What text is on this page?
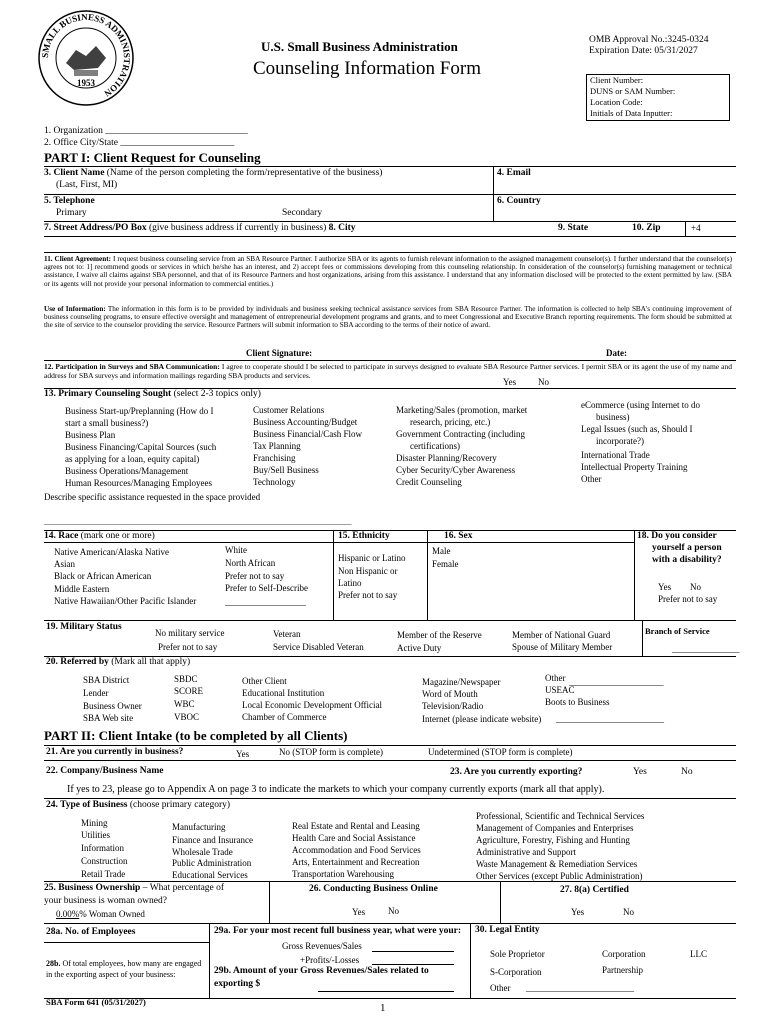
SMALL BUSINESS ADMINISTRATION
1953
U.S. Small Business Administration
Counseling Information Form
OMB Approval No.:3245-0324
Expiration Date: 05/31/2027
Client Number:
DUNS or SAM Number:
Location Code:
Initials of Data Inputter:
1. Organization ______________________________
2. Office City/State ________________________
PART I: Client Request for Counseling
3. Client Name (Name of the person completing the form/representative of the business)
(Last, First, MI)
4. Email
5. Telephone
Primary	Secondary
6. Country
7. Street Address/PO Box (give business address if currently in business) 8. City	9. State	10. Zip	+4
11. Client Agreement: I request business counseling service from an SBA Resource Partner. I authorize SBA or its agents to furnish relevant information to the assigned management counselor(s). I further understand that the counselor(s) agrees not to: 1] recommend goods or services in which he/she has an interest, and 2) accept fees or commissions developing from this counseling relationship. In consideration of the counselor(s) furnishing management or technical assistance, I waive all claims against SBA personnel, and that of its Resource Partners and host organizations, arising from this assistance. I understand that any information disclosed will be protected to the extent permitted by law. (SBA or its agents will not provide your personal information to commercial entities.)
Use of Information: The information in this form is to be provided by individuals and business seeking technical assistance services from SBA Resource Partner. The information is collected to help SBA's continuing improvement of business counseling programs, to ensure effective oversight and management of entrepreneurial development programs and grants, and to meet Congressional and Executive Branch reporting requirements. The form should be submitted at the site of service to the counselor providing the service. Resource Partners will submit information to SBA according to the terms of their notice of award.
Client Signature:	Date:
12. Participation in Surveys and SBA Communication: I agree to cooperate should I be selected to participate in surveys designed to evaluate SBA Resource Partner services. I permit SBA or its agent the use of my name and address for SBA surveys and information mailings regarding SBA products and services.
Yes No
13. Primary Counseling Sought (select 2-3 topics only)
Business Start-up/Preplanning (How do I
start a small business?)
Business Plan
Business Financing/Capital Sources (such
as applying for a loan, equity capital)
Business Operations/Management
Human Resources/Managing Employees
Customer Relations
Business Accounting/Budget
Business Financial/Cash Flow
Tax Planning
Franchising
Buy/Sell Business
Technology
Marketing/Sales (promotion, market
research, pricing, etc.)
Government Contracting (including
certifications)
Disaster Planning/Recovery
Cyber Security/Cyber Awareness
Credit Counseling
eCommerce (using Internet to do
business)
Legal Issues (such as, Should I
incorporate?)
International Trade
Intellectual Property Training
Other
Describe specific assistance requested in the space provided
________________________________________________________________________________________________
14. Race (mark one or more)
Native American/Alaska Native
Asian
Black or African American
Middle Eastern
Native Hawaiian/Other Pacific Islander
White
North African
Prefer not to say
Prefer to Self-Describe
__________________
15. Ethnicity
Hispanic or Latino
Non Hispanic or
Latino
Prefer not to say
16. Sex
Male
Female
18. Do you consider
yourself a person
with a disability?
Yes No
Prefer not to say
19. Military Status
No military service
Prefer not to say
Veteran
Service Disabled Veteran
Member of the Reserve
Active Duty
Member of National Guard
Spouse of Military Member
Branch of Service
_______________
20. Referred by (Mark all that apply)
SBA District
Lender
Business Owner
SBA Web site
SBDC
SCORE
WBC
VBOC
Other Client
Educational Institution
Local Economic Development Official
Chamber of Commerce
Magazine/Newspaper
Word of Mouth
Television/Radio
Internet (please indicate website) ________________________
Other _____________________
USEAC
Boots to Business
PART II: Client Intake (to be completed by all Clients)
21. Are you currently in business?	Yes	No (STOP form is complete)	Undetermined (STOP form is complete)
22. Company/Business Name	23. Are you currently exporting?	Yes	No
If yes to 23, please go to Appendix A on page 3 to indicate the markets to which your company currently exports (mark all that apply).
24. Type of Business (choose primary category)
Mining
Utilities
Information
Construction
Retail Trade
Manufacturing
Finance and Insurance
Wholesale Trade
Public Administration
Educational Services
Real Estate and Rental and Leasing
Health Care and Social Assistance
Accommodation and Food Services
Arts, Entertainment and Recreation
Transportation Warehousing
Professional, Scientific and Technical Services
Management of Companies and Enterprises
Agriculture, Forestry, Fishing and Hunting
Administrative and Support
Waste Management & Remediation Services
Other Services (except Public Administration)
25. Business Ownership – What percentage of
your business is woman owned?
0.00%% Woman Owned
26. Conducting Business Online
Yes	No
27. 8(a) Certified
Yes	No
28a. No. of Employees
28b. Of total employees, how many are engaged in the exporting aspect of your business:
29a. For your most recent full business year, what were your:
Gross Revenues/Sales
+Profits/-Losses
29b. Amount of your Gross Revenues/Sales related to exporting $
30. Legal Entity
Sole Proprietor	Corporation	LLC
S-Corporation	Partnership
Other ________________________
SBA Form 641 (05/31/2027)	1
